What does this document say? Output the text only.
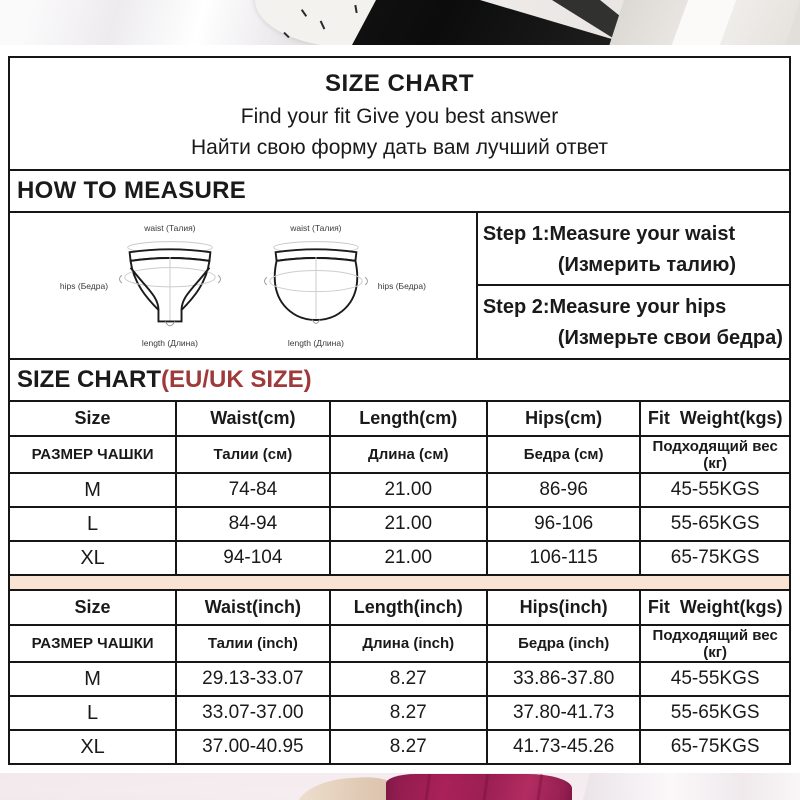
SIZE CHART
Find your fit Give you best answer
Найти свою форму дать вам лучший ответ
HOW TO MEASURE
waist (Талия)
hips (Бедра)
length (Длина)
waist (Талия)
hips (Бедра)
length (Длина)
Step 1:Measure your waist
(Измерить талию)
Step 2:Measure your hips
(Измерьте свои бедра)
SIZE CHART(EU/UK SIZE)
Size	Waist(cm)	Length(cm)	Hips(cm)	Fit  Weight(kgs)
РАЗМЕР ЧАШКИ	Талии (см)	Длина (см)	Бедра (см)	Подходящий вес (кг)
M	74-84	21.00	86-96	45-55KGS
L	84-94	21.00	96-106	55-65KGS
XL	94-104	21.00	106-115	65-75KGS
Size	Waist(inch)	Length(inch)	Hips(inch)	Fit  Weight(kgs)
РАЗМЕР ЧАШКИ	Талии (inch)	Длина (inch)	Бедра (inch)	Подходящий вес (кг)
M	29.13-33.07	8.27	33.86-37.80	45-55KGS
L	33.07-37.00	8.27	37.80-41.73	55-65KGS
XL	37.00-40.95	8.27	41.73-45.26	65-75KGS
